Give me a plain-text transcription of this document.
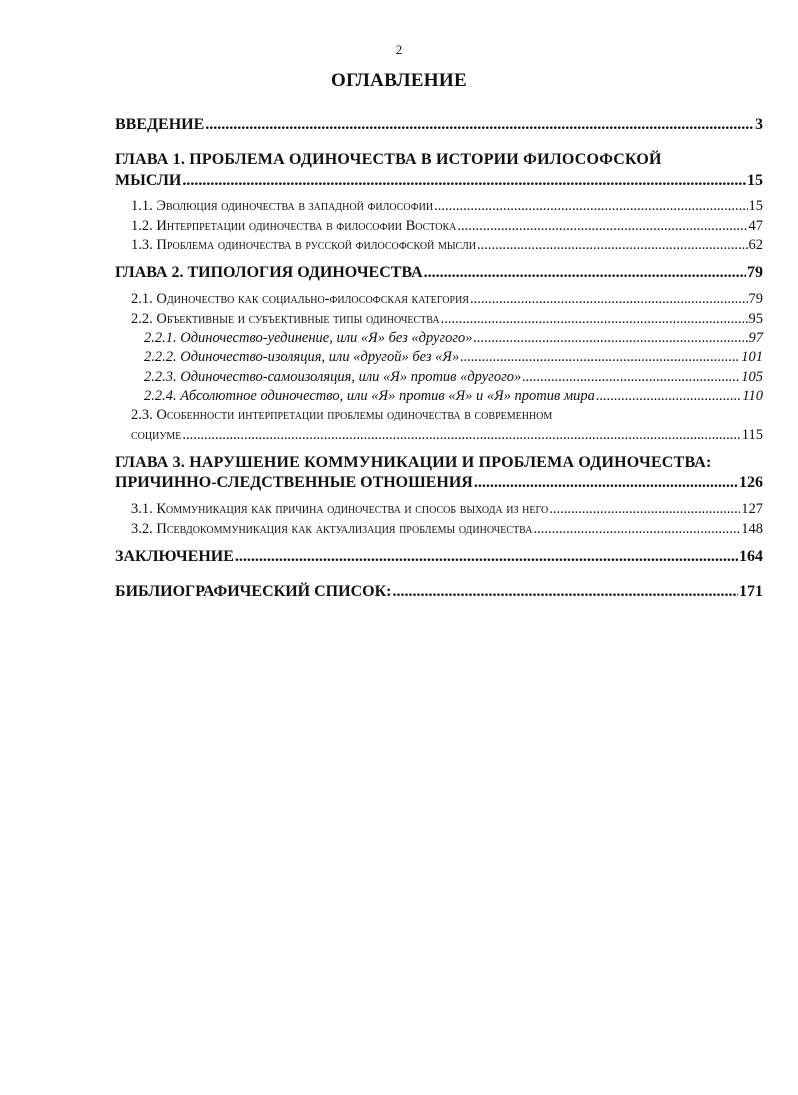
2
ОГЛАВЛЕНИЕ
ВВЕДЕНИЕ .....	3
ГЛАВА 1. ПРОБЛЕМА ОДИНОЧЕСТВА В ИСТОРИИ ФИЛОСОФСКОЙ
МЫСЛИ .....	15
1.1. Эволюция одиночества в западной философии .....	15
1.2. Интерпретации одиночества в философии Востока .....	47
1.3. Проблема одиночества в русской философской мысли .....	62
ГЛАВА 2. ТИПОЛОГИЯ ОДИНОЧЕСТВА .....	79
2.1. Одиночество как социально-философская категория .....	79
2.2. Объективные и субъективные типы одиночества .....	95
2.2.1. Одиночество-уединение, или «Я» без «другого» .....	97
2.2.2. Одиночество-изоляция, или «другой» без «Я» .....	101
2.2.3. Одиночество-самоизоляция, или «Я» против «другого» .....	105
2.2.4. Абсолютное одиночество, или «Я» против «Я» и «Я» против мира .....	110
2.3. Особенности интерпретации проблемы одиночества в современном
социуме .....	115
ГЛАВА 3. НАРУШЕНИЕ КОММУНИКАЦИИ И ПРОБЛЕМА ОДИНОЧЕСТВА:
ПРИЧИННО-СЛЕДСТВЕННЫЕ ОТНОШЕНИЯ .....	126
3.1. Коммуникация как причина одиночества и способ выхода из него .....	127
3.2. Псевдокоммуникация как актуализация проблемы одиночества .....	148
ЗАКЛЮЧЕНИЕ .....	164
БИБЛИОГРАФИЧЕСКИЙ СПИСОК: .....	171
